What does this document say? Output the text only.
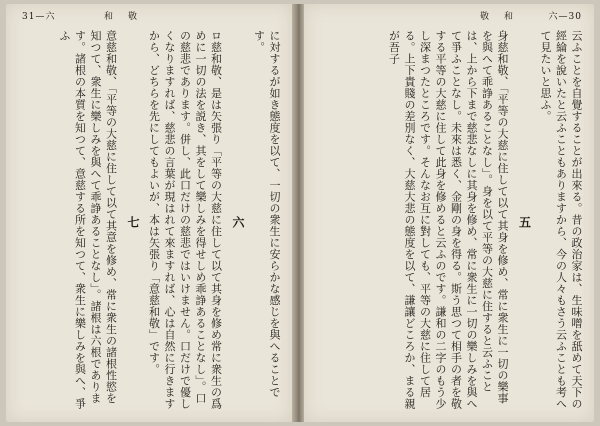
31—六	和 敬

に対するが如き態度を以て、一切の衆生に安らかな感じを與へることです。

六

ロ慈和敬、是は矢張り「平等の大慈に住して以て其身を修め常に衆生の爲めに一切の法を説き、其をして樂しみを得せしめ乖諍あることなし」。口の慈悲であります。併し、此口だけの慈悲ではいけません。口だけで優しくなりますれば、慈悲の言葉が現はれて來ますれば、心は自然に行きますから、どちらを先にしてもよいが、本は矢張り「意慈和敬」です。

七

意慈和敬、「平等の大慈に住して以て其意を修め、常に衆生の諸根性慾を知つて、衆生に樂しみを與へて乖諍あることなし」。諸根は六根であります。諸根の本質を知つて、意慈する所を知つて、衆生に樂しみを與へ、爭ふ

敬 和	六—30

云ふことを自覺することが出來る。昔の政治家は、生味噌を舐めて天下の經綸を說いたと云ふこともありますから、今の人々もさう云ふことも考へて見たいと思ふ。

五

身慈和敬、「平等の大慈に住して以て其身を修め、常に衆生に一切の樂事を與へて乖諍あることなし」。身を以て平等の大慈に住すると云ふことは、上から下まで慈悲なしに其身を修め、常に衆生に一切の樂しみを與へて爭ふことなし。未來は悉く、金剛の身を得る。斯う思つて相手の者を敬する平等の大慈に住して此身を修めると云ふのです。謙和の二字のもう少し深まつたところです。そんなお互に對しても、平等の大慈に住して居る。上下貴賤の差別なく、大慈大悲の態度を以て、謙讓どころか、まる親が吾子
